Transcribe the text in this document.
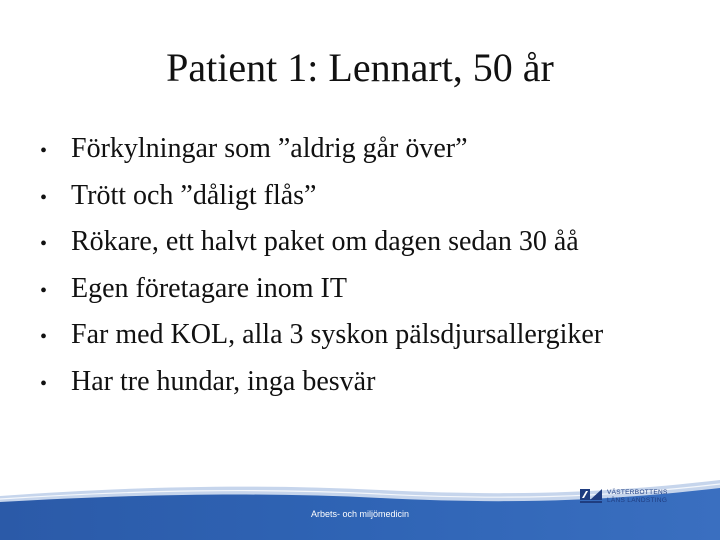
Patient 1: Lennart, 50 år
• Förkylningar som ”aldrig går över”
• Trött och ”dåligt flås”
• Rökare, ett halvt paket om dagen sedan 30 åå
• Egen företagare inom IT
• Far med KOL, alla 3 syskon pälsdjursallergiker
• Har tre hundar, inga besvär
Arbets- och miljömedicin
VÄSTERBOTTENS
LÄNS LANDSTING
